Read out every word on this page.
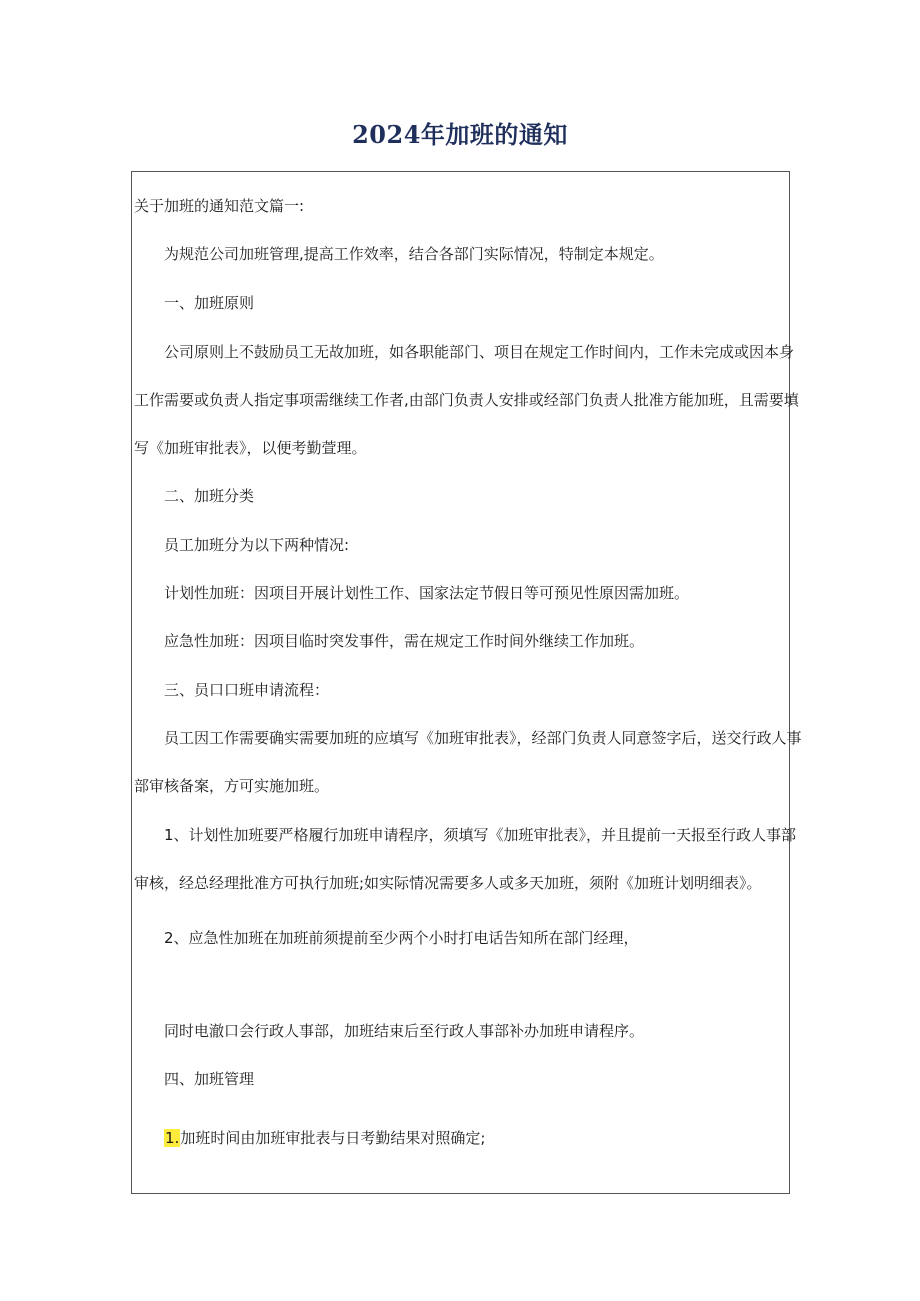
2024年加班的通知
关于加班的通知范文篇一:
为规范公司加班管理,提高工作效率，结合各部门实际情况，特制定本规定。
一、加班原则
公司原则上不鼓励员工无故加班，如各职能部门、项目在规定工作时间内，工作未完成或因本身
工作需要或负责人指定事项需继续工作者,由部门负责人安排或经部门负责人批准方能加班，且需要填
写《加班审批表》，以便考勤萱理。
二、加班分类
员工加班分为以下两种情况:
计划性加班：因项目开展计划性工作、国家法定节假日等可预见性原因需加班。
应急性加班：因项目临时突发事件，需在规定工作时间外继续工作加班。
三、员口口班申请流程：
员工因工作需要确实需要加班的应填写《加班审批表》，经部门负责人同意签字后，送交行政人事
部审核备案，方可实施加班。
1、计划性加班要严格履行加班申请程序，须填写《加班审批表》，并且提前一天报至行政人事部
审核，经总经理批准方可执行加班;如实际情况需要多人或多天加班，须附《加班计划明细表》。
2、应急性加班在加班前须提前至少两个小时打电话告知所在部门经理，
同时电澈口会行政人事部，加班结束后至行政人事部补办加班申请程序。
四、加班管理
1.加班时间由加班审批表与日考勤结果对照确定;
